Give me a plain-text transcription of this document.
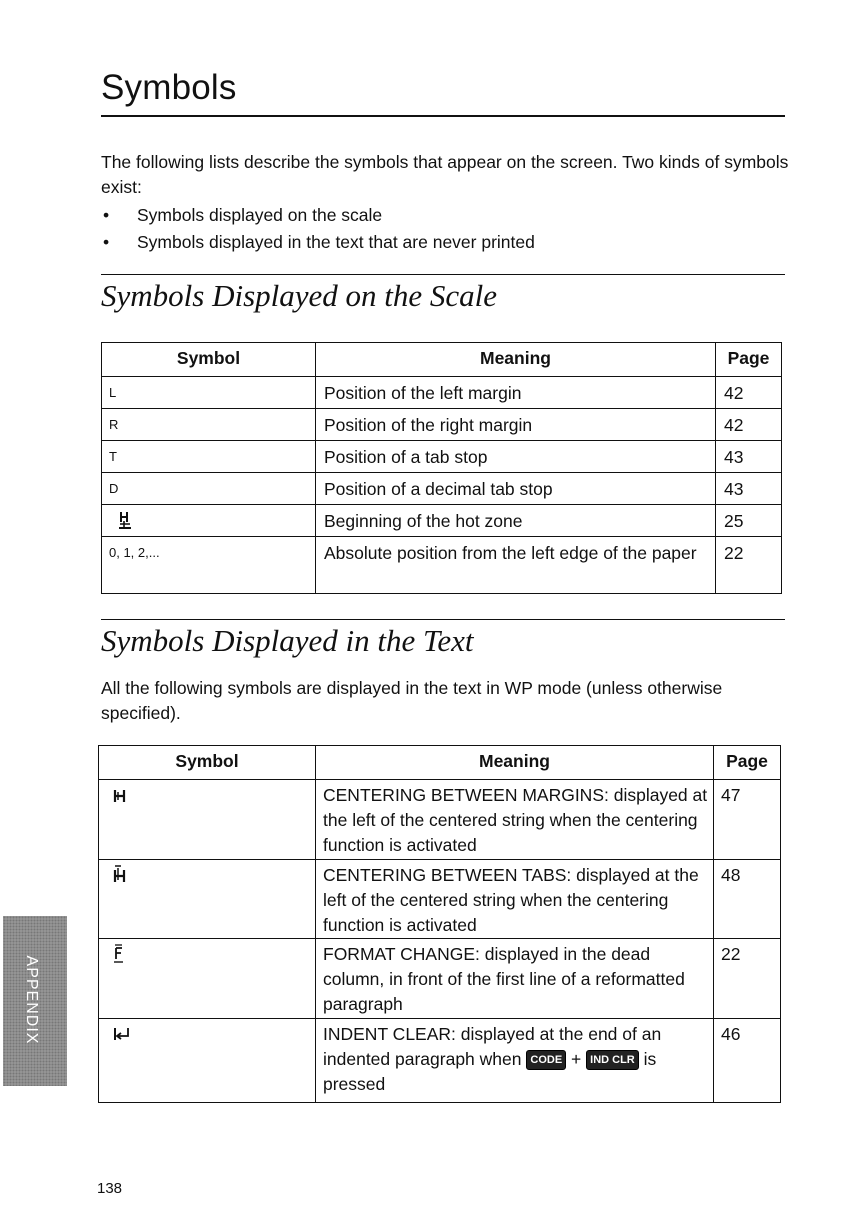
Symbols

The following lists describe the symbols that appear on the screen. Two kinds of symbols exist:

• Symbols displayed on the scale
• Symbols displayed in the text that are never printed
Symbols Displayed on the Scale
Symbol	Meaning	Page
L	Position of the left margin	42
R	Position of the right margin	42
T	Position of a tab stop	43
D	Position of a decimal tab stop	43
	Beginning of the hot zone	25
0, 1, 2,...	Absolute position from the left edge of the paper	22
Symbols Displayed in the Text

All the following symbols are displayed in the text in WP mode (unless otherwise specified).

Symbol	Meaning	Page
	CENTERING BETWEEN MARGINS: displayed at the left of the centered string when the centering function is activated	47
	CENTERING BETWEEN TABS: displayed at the left of the centered string when the centering function is activated	48
	FORMAT CHANGE: displayed in the dead column, in front of the first line of a reformatted paragraph	22
	INDENT CLEAR: displayed at the end of an indented paragraph when CODE + IND CLR is pressed	46
APPENDIX
138
